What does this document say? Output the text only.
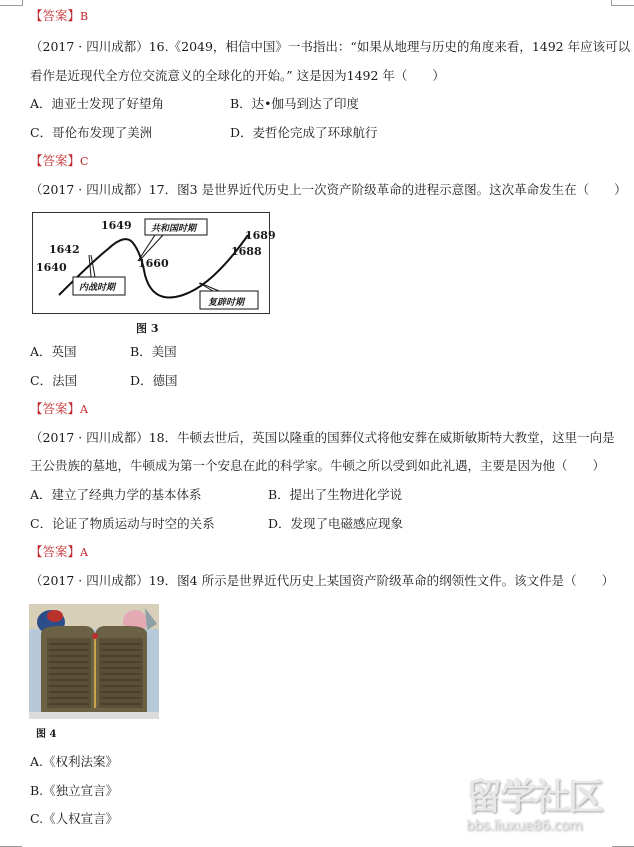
【答案】B
（2017 · 四川成都）16.《2049，相信中国》一书指出：“如果从地理与历史的角度来看，1492 年应该可以
看作是近现代全方位交流意义的全球化的开始。” 这是因为1492 年（　　）
A．迪亚士发现了好望角	B．达•伽马到达了印度
C．哥伦布发现了美洲	D．麦哲伦完成了环球航行
【答案】C
（2017 · 四川成都）17．图3 是世界近代历史上一次资产阶级革命的进程示意图。这次革命发生在（　　）
1640
1642
1649
1660
1688
1689
内战时期
共和国时期
复辟时期
图 3
A．英国	B．美国
C．法国	D．德国
【答案】A
（2017 · 四川成都）18．牛顿去世后，英国以隆重的国葬仪式将他安葬在威斯敏斯特大教堂，这里一向是
王公贵族的墓地，牛顿成为第一个安息在此的科学家。牛顿之所以受到如此礼遇，主要是因为他（　　）
A．建立了经典力学的基本体系	B．提出了生物进化学说
C．论证了物质运动与时空的关系	D．发现了电磁感应现象
【答案】A
（2017 · 四川成都）19．图4 所示是世界近代历史上某国资产阶级革命的纲领性文件。该文件是（　　）
图 4
A.《权利法案》
B.《独立宣言》
C.《人权宣言》
留学社区
bbs.liuxue86.com
